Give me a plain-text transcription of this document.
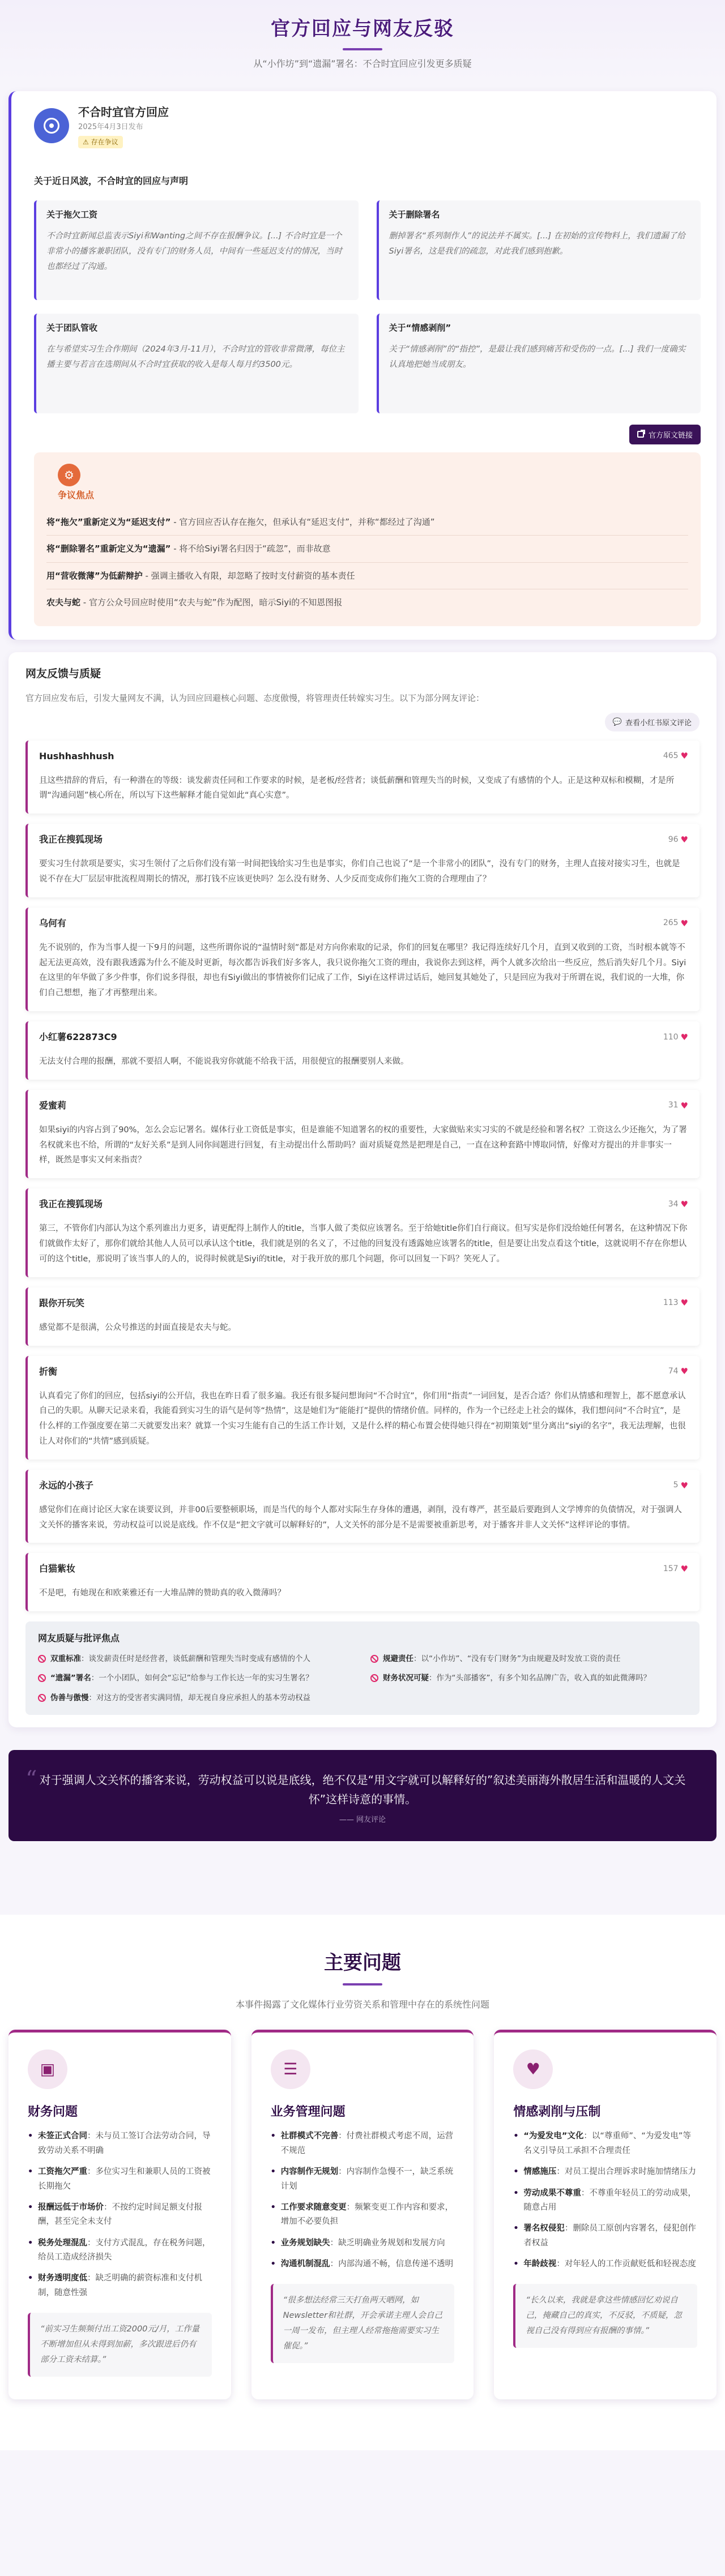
官方回应与网友反驳

从“小作坊”到“遗漏”署名：不合时宜回应引发更多质疑

不合时宜官方回应
2025年4月3日发布
⚠ 存在争议
关于近日风波，不合时宜的回应与声明
关于拖欠工资

不合时宜新闻总监表示Siyi和Wanting之间不存在报酬争议。[...] 不合时宜是一个非常小的播客兼职团队，没有专门的财务人员，中间有一些延迟支付的情况，当时也都经过了沟通。

关于删除署名

删掉署名“系列制作人”的说法并不属实。[...] 在初始的宣传物料上，我们遗漏了给Siyi署名，这是我们的疏忽，对此我们感到抱歉。

关于团队管收

在与希望实习生合作期间（2024年3月-11月），不合时宜的管收非常微薄，每位主播主要与若言在选期间从不合时宜获取的收入是每人每月约3500元。

关于“情感剥削”

关于“情感剥削”的“指控”，是最让我们感到痛苦和受伤的一点。[...] 我们一度确实认真地把她当成朋友。

官方原文链接
⚙
争议焦点
将“拖欠”重新定义为“延迟支付” - 官方回应否认存在拖欠，但承认有“延迟支付”，并称“都经过了沟通”
将“删除署名”重新定义为“遗漏” - 将不给Siyi署名归因于“疏忽”，而非故意
用“营收微薄”为低薪辩护 - 强调主播收入有限，却忽略了按时支付薪资的基本责任
农夫与蛇 - 官方公众号回应时使用“农夫与蛇”作为配图，暗示Siyi的不知恩图报
网友反馈与质疑
官方回应发布后，引发大量网友不满，认为回应回避核心问题、态度傲慢，将管理责任转嫁实习生。以下为部分网友评论：
💬 查看小红书原文评论
Hushhashhush	465 ♥
且这些措辞的背后，有一种潜在的等级：谈发薪责任同和工作要求的时候，是老板/经营者；谈低薪酬和管理失当的时候，又变成了有感情的个人。正是这种双标和模糊，才是所谓“沟通问题”核心所在，所以写下这些解释才能自觉如此“真心实意”。
我正在搜狐现场	96 ♥
要实习生付款项是要实，实习生领付了之后你们没有第一时间把钱给实习生也是事实，你们自己也说了“是一个非常小的团队”，没有专门的财务，主理人直接对接实习生，也就是说不存在大厂层层审批流程周期长的情况，那打钱不应该更快吗？怎么没有财务、人少反而变成你们拖欠工资的合理理由了？
乌何有	265 ♥
先不说别的，作为当事人提一下9月的问题，这些所谓你说的“温情时刻”都是对方向你索取的记录，你们的回复在哪里？我记得连续好几个月，直到又收到的工资，当时根本就等不起无法更高效，没有跟我透露为什么不能及时更新，每次都告诉我们好多客人，我只说你拖欠工资的理由，我说你去到这样，两个人就多次给出一些反应，然后消失好几个月。Siyi在这里的年华做了多少件事，你们说多得很，却也有Siyi做出的事情被你们记成了工作，Siyi在这样讲过话后，她回复其她处了，只是回应为我对于所谓在说，我们说的一大堆，你们自己想想，拖了才再整理出来。
小红薯622873C9	110 ♥
无法支付合理的报酬，那就不要招人啊，不能说我穷你就能不给我干活，用很便宜的报酬要别人来做。
爱蜜莉	31 ♥
如果siyi的内容占到了90%，怎么会忘记署名。媒体行业工资低是事实，但是谁能不知道署名的权的重要性，大家做贴来实习实的不就是经验和署名权？工资这么少还拖欠，为了署名权就来也不给，所谓的“友好关系”是到人同你间题进行回复，有主动提出什么帮助吗？面对质疑竟然是把理是自己，一直在这种套路中博取同情，好像对方提出的并非事实一样，既然是事实又何来指责？
我正在搜狐现场	34 ♥
第三，不管你们内部认为这个系列谁出力更多，请更配得上制作人的title，当事人做了类似应该署名。至于给她title你们自行商议。但写实是你们没给她任何署名，在这种情况下你们就做作太好了，那你们就给其他人人员可以承认这个title，我们就是别的名义了，不过他的回复没有透露她应该署名的title，但是要让出发点看这个title，这就说明不存在你想认可的这个title，那说明了该当事人的人的，说得时候就是Siyi的title，对于我开放的那几个问题，你可以回复一下吗？笑死人了。
跟你开玩笑	113 ♥
感觉都不是很满，公众号推送的封面直接是农夫与蛇。
折衡	74 ♥
认真看完了你们的回应，包括siyi的公开信，我也在昨日看了很多遍。我还有很多疑问想询问“不合时宜”，你们用“指责”一词回复，是否合适？你们从情感和理智上，都不愿意承认自己的失职。从聊天记录来看，我能看到实习生的语气是何等“热情”，这是她们为“能能打”提供的情绪价值。同样的，作为一个已经走上社会的媒体，我们想问问“不合时宜”，是什么样的工作强度要在第二天就要发出来？就算一个实习生能有自己的生活工作计划，又是什么样的精心布置会使得她只得在“初期策划”里分离出“siyi的名字”，我无法理解，也很让人对你们的“共情”感到质疑。
永远的小孩子	5 ♥
感觉你们在商讨论区大家在谈要议到，并非00后要整顿职场，而是当代的每个人都对实际生存身体的遭遇，剥削，没有尊严，甚至最后要跑到人文学博弈的负债情况，对于强调人文关怀的播客来说，劳动权益可以说是底线。作不仅是“把文字就可以解释好的”，人文关怀的部分是不是需要被重新思考，对于播客并非人文关怀”这样评论的事情。
白猫紫妆	157 ♥
不是吧，有她现在和欧莱雅还有一大堆品牌的赞助真的收入微薄吗？
网友质疑与批评焦点
双重标准：谈发薪责任时是经营者，谈低薪酬和管理失当时变成有感情的个人	规避责任：以“小作坊”、“没有专门财务”为由规避及时发放工资的责任
“遗漏”署名：一个小团队，如何会“忘记”给参与工作长达一年的实习生署名？	财务状况可疑：作为“头部播客”，有多个知名品牌广告，收入真的如此微薄吗？
伪善与傲慢：对这方的受害者实满同情，却无视自身应承担人的基本劳动权益
“ 对于强调人文关怀的播客来说，劳动权益可以说是底线，绝不仅是“用文字就可以解释好的”叙述美丽海外散居生活和温暖的人文关怀”这样诗意的事情。

—— 网友评论
主要问题
本事件揭露了文化媒体行业劳资关系和管理中存在的系统性问题
▣
财务问题
• 未签正式合同：未与员工签订合法劳动合同，导致劳动关系不明确
• 工资拖欠严重：多位实习生和兼职人员的工资被长期拖欠
• 报酬远低于市场价：不按约定时间足额支付报酬，甚至完全未支付
• 税务处理混乱：支付方式混乱，存在税务问题，给员工造成经济损失
• 财务透明度低：缺乏明确的薪资标准和支付机制，随意性强
“前实习生频频付出工资2000元/月，工作量不断增加但从未得到加薪，多次跟进后仍有部分工资未结算。”
☰
业务管理问题
• 社群模式不完善：付费社群模式考虑不周，运营不规范
• 内容制作无规划：内容制作急慢不一，缺乏系统计划
• 工作要求随意变更：频繁变更工作内容和要求，增加不必要负担
• 业务规划缺失：缺乏明确业务规划和发展方向
• 沟通机制混乱：内部沟通不畅，信息传递不透明
“很多想法经常三天打鱼两天晒网，如Newsletter和社群，开会承诺主理人会自己一周一发布，但主理人经常拖拖需要实习生催促。”
♥
情感剥削与压制
• “为爱发电”文化：以“尊重师”、“为爱发电”等名义引导员工承担不合理责任
• 情感施压：对员工提出合理诉求时施加情绪压力
• 劳动成果不尊重：不尊重年轻员工的劳动成果，随意占用
• 署名权侵犯：删除员工原创内容署名，侵犯创作者权益
• 年龄歧视：对年轻人的工作贡献贬低和轻视态度
“长久以来，我就是拿这些情感回忆劝说自己，掩藏自己的真实，不反驳，不质疑，忽视自己没有得到应有报酬的事情。”
